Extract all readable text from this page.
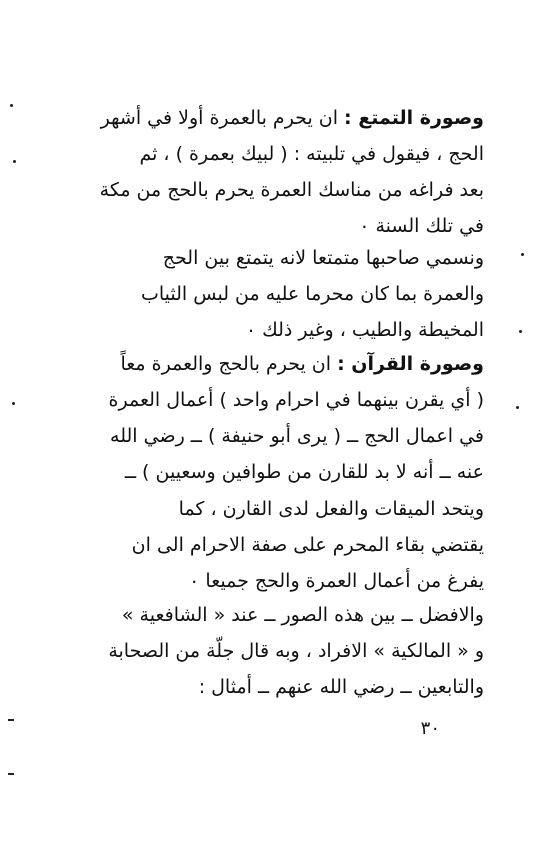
وصورة التمتع : ان يحرم بالعمرة أولا في أشهر
الحج ، فيقول في تلبيته : ( لبيك بعمرة ) ، ثم
بعد فراغه من مناسك العمرة يحرم بالحج من مكة
في تلك السنة ٠
ونسمي صاحبها متمتعا لانه يتمتع بين الحج
والعمرة بما كان محرما عليه من لبس الثياب
المخيطة والطيب ، وغير ذلك ٠
وصورة القرآن : ان يحرم بالحج والعمرة معاً
( أي يقرن بينهما في احرام واحد ) أعمال العمرة
في اعمال الحج ــ ( يرى أبو حنيفة ) ــ رضي الله
عنه ــ أنه لا بد للقارن من طوافين وسعيين ) ــ
ويتحد الميقات والفعل لدى القارن ، كما
يقتضي بقاء المحرم على صفة الاحرام الى ان
يفرغ من أعمال العمرة والحج جميعا ٠
والافضل ــ بين هذه الصور ــ عند « الشافعية »
و « المالكية » الافراد ، وبه قال جلّة من الصحابة
والتابعين ــ رضي الله عنهم ــ أمثال :
٣٠
